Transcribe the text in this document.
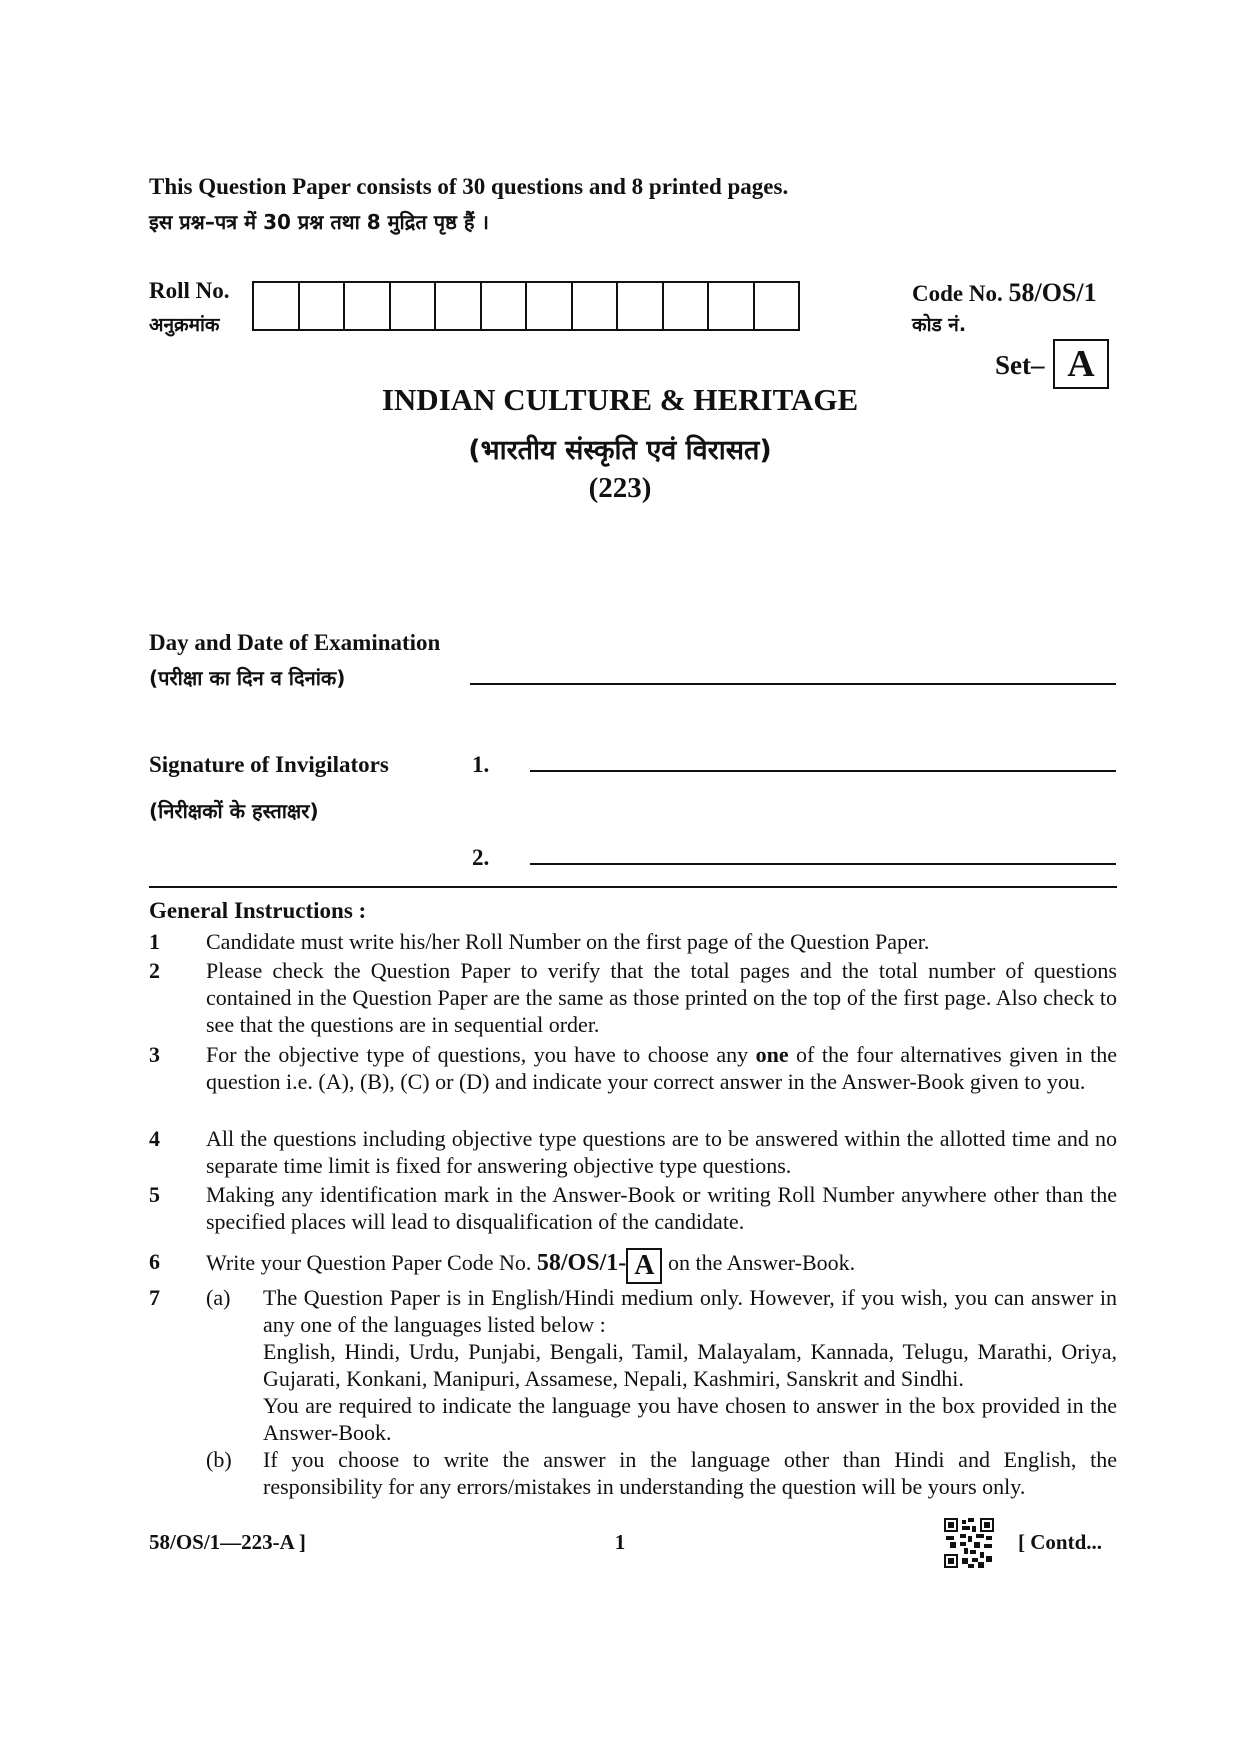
This Question Paper consists of 30 questions and 8 printed pages.
इस प्रश्न–पत्र में 30 प्रश्न तथा 8 मुद्रित पृष्ठ हैं ।
Roll No.
अनुक्रमांक
Code No. 58/OS/1
कोड नं.
Set– A
INDIAN CULTURE & HERITAGE
(भारतीय संस्कृति एवं विरासत)
(223)
Day and Date of Examination
(परीक्षा का दिन व दिनांक)
Signature of Invigilators
(निरीक्षकों के हस्ताक्षर)
1.
2.
General Instructions :
1 Candidate must write his/her Roll Number on the first page of the Question Paper.
2 Please check the Question Paper to verify that the total pages and the total number of questions contained in the Question Paper are the same as those printed on the top of the first page. Also check to see that the questions are in sequential order.
3 For the objective type of questions, you have to choose any one of the four alternatives given in the question i.e. (A), (B), (C) or (D) and indicate your correct answer in the Answer-Book given to you.
4 All the questions including objective type questions are to be answered within the allotted time and no separate time limit is fixed for answering objective type questions.
5 Making any identification mark in the Answer-Book or writing Roll Number anywhere other than the specified places will lead to disqualification of the candidate.
6 Write your Question Paper Code No. 58/OS/1- A on the Answer-Book.
7 (a) The Question Paper is in English/Hindi medium only. However, if you wish, you can answer in any one of the languages listed below :
English, Hindi, Urdu, Punjabi, Bengali, Tamil, Malayalam, Kannada, Telugu, Marathi, Oriya, Gujarati, Konkani, Manipuri, Assamese, Nepali, Kashmiri, Sanskrit and Sindhi.
You are required to indicate the language you have chosen to answer in the box provided in the Answer-Book.
(b) If you choose to write the answer in the language other than Hindi and English, the responsibility for any errors/mistakes in understanding the question will be yours only.
58/OS/1—223-A ]	1	[ Contd...
